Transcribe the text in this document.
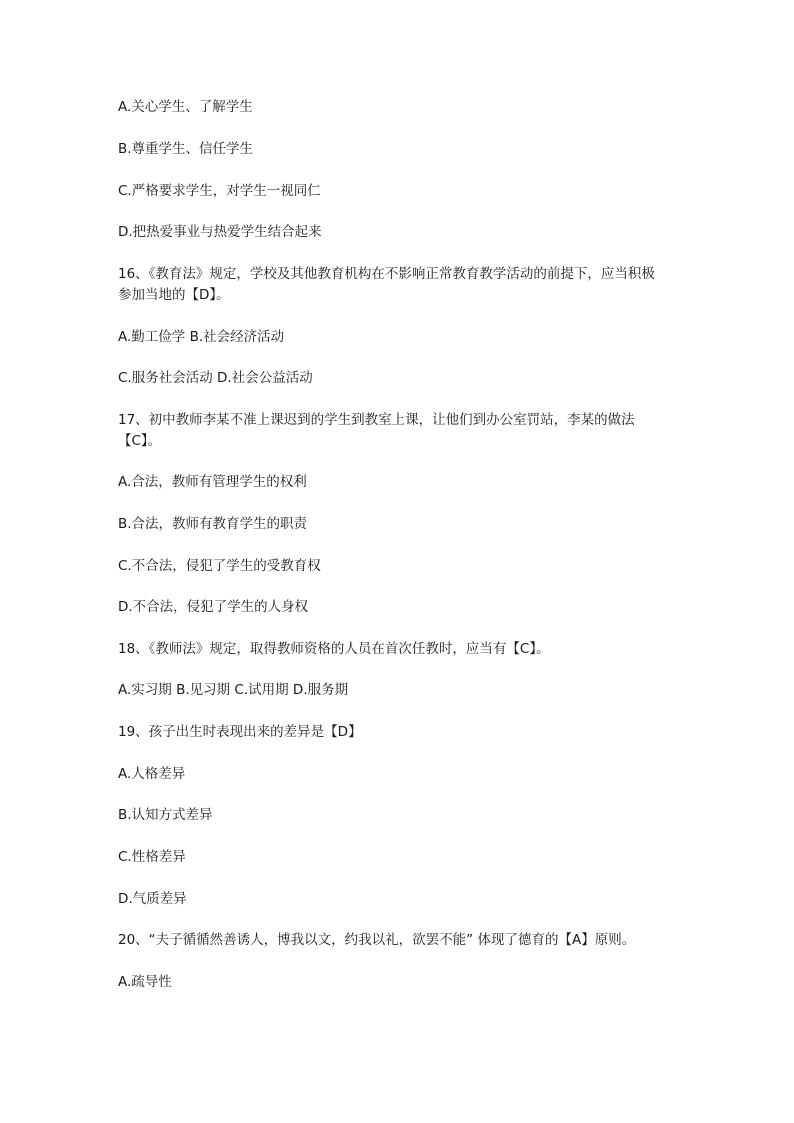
A.关心学生、了解学生
B.尊重学生、信任学生
C.严格要求学生，对学生一视同仁
D.把热爱事业与热爱学生结合起来
16、《教育法》规定，学校及其他教育机构在不影响正常教育教学活动的前提下，应当积极
参加当地的【D】。
A.勤工俭学 B.社会经济活动
C.服务社会活动 D.社会公益活动
17、初中教师李某不准上课迟到的学生到教室上课，让他们到办公室罚站，李某的做法
【C】。
A.合法，教师有管理学生的权利
B.合法，教师有教育学生的职责
C.不合法，侵犯了学生的受教育权
D.不合法，侵犯了学生的人身权
18、《教师法》规定，取得教师资格的人员在首次任教时，应当有【C】。
A.实习期 B.见习期 C.试用期 D.服务期
19、孩子出生时表现出来的差异是【D】
A.人格差异
B.认知方式差异
C.性格差异
D.气质差异
20、“夫子循循然善诱人，博我以文，约我以礼，欲罢不能” 体现了德育的【A】原则。
A.疏导性
